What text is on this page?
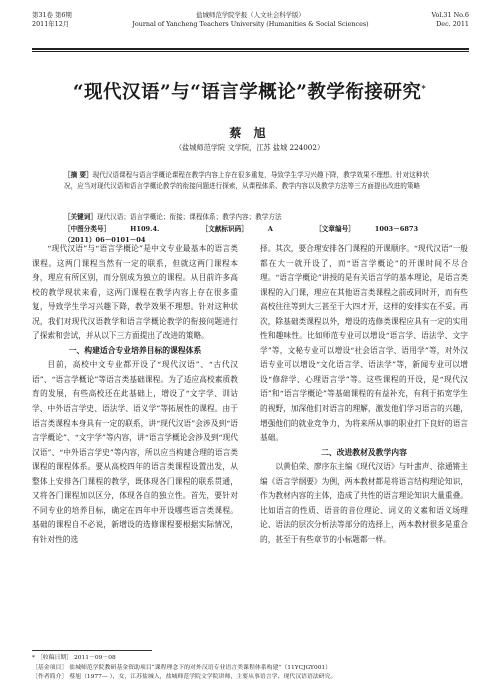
第31卷 第6期
2011年12月
盐城师范学院学报（人文社会科学版）
Journal of Yancheng Teachers University (Humanities & Social Sciences)
Vol.31 No.6
Dec. 2011
“现代汉语”与“语言学概论”教学衔接研究*
蔡 旭
（盐城师范学院 文学院，江苏 盐城 224002）
［摘 要］现代汉语课程与语言学概论课程在教学内容上存在很多重复，导致学生学习兴趣下降，教学效果不理想。针对这种状况，应当对现代汉语和语言学概论教学的衔接问题进行探索，从课程体系、教学内容以及教学方法等三方面提出改进的策略
［关键词］现代汉语；语言学概论；衔接；课程体系；教学内容；教学方法
［中图分类号］	H109.4.	［文献标识码］	A	［文章编号］	1003－6873（2011）06－0101－04

“现代汉语”与“语言学概论”是中文专业最基本的语言类课程。这两门课程当然有一定的联系，但就这两门课程本身，理应有所区别，而分别成为独立的课程。从目前许多高校的教学现状来看，这两门课程在教学内容上存在很多重复，导致学生学习兴趣下降，教学效果不理想。针对这种状况，我们对现代汉语教学和语言学概论教学的衔接问题进行了探索和尝试，并从以下三方面提出了改进的策略。

一、构建适合专业培养目标的课程体系

目前，高校中文专业都开设了“现代汉语”、“古代汉语”、“语言学概论”等语言类基础课程。为了适应高校素质教育的发展，有些高校还在此基础上，增设了“文字学、训诂学、中外语言学史、语法学、语义学”等拓展性的课程。由于语言类课程本身具有一定的联系，讲“现代汉语”会涉及到“语言学概论”、“文字学”等内容，讲“语言学概论会涉及到“现代汉语”、“中外语言学史”等内容，所以应当构建合理的语言类课程的课程体系。要从高校四年的语言类课程设置出发，从整体上安排各门课程的教学，既体现各门课程的联系贯通，又将各门课程加以区分，体现各自的独立性。首先，要针对不同专业的培养目标，确定在四年中开设哪些语言类课程。基础的课程自不必说，新增设的选修课程要根据实际情况，有针对性的选

择。其次，要合理安排各门课程的开课顺序。“现代汉语”一般都在大一就开设了，而“语言学概论”的开课时间不尽合理。“语言学概论”讲授的是有关语言学的基本理论，是语言类课程的入门课，理应在其他语言类课程之前或同时开，而有些高校往往等到大三甚至于大四才开，这样的安排实在不妥。再次，除基础类课程以外，增设的选修类课程应具有一定的实用性和趣味性。比如师范专业可以增设“语言学、语法学、文字学”等，文秘专业可以增设“社会语言学、语用学”等，对外汉语专业可以增设“文化语言学、语法学”等，新闻专业可以增设“修辞学、心理语言学”等。这些课程的开设，是“现代汉语”和“语言学概论”等基础课程的有益补充，有利于拓宽学生的视野，加深他们对语言的理解，激发他们学习语言的兴趣，增强他们的就业竞争力，为将来所从事的职业打下良好的语言基础。

二、改进教材及教学内容

以黄伯荣、廖序东主编《现代汉语》与叶蜚声、徐通锵主编《语言学纲要》为例，两本教材都是将语言结构理论知识，作为教材内容的主体，造成了共性的语言理论知识大量重叠。比如语言的性质、语音的音位理论、词义的义素和语义场理论、语法的层次分析法等部分的选择上，两本教材很多是重合的，甚至于有些章节的小标题都一样。

* ［收稿日期］ 2011－09－08
［基金项目］ 盐城师范学院教研基金资助项目“课程理念下的对外汉语专业语言类课程体系构建”（11YCJGY001）
［作者简介］ 蔡旭（1977— ），女，江苏盐城人，盐城师范学院文学院讲师，主要从事语言学、现代汉语语法研究。
